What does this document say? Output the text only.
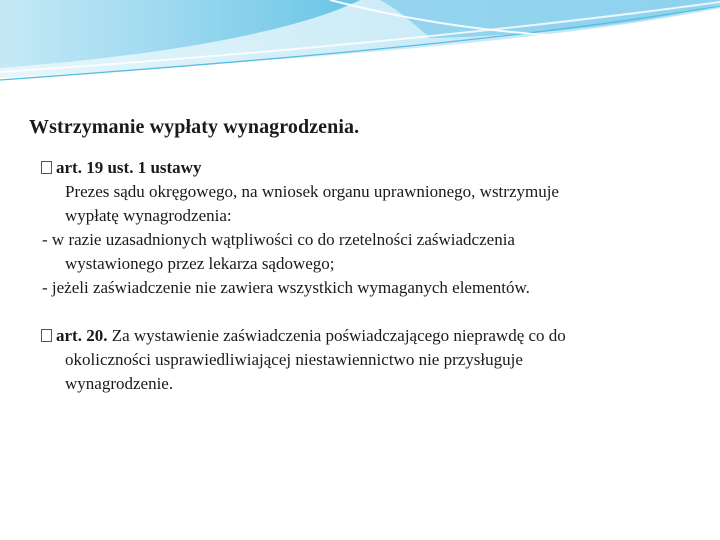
Wstrzymanie wypłaty wynagrodzenia.
art. 19 ust. 1 ustawy
Prezes sądu okręgowego, na wniosek organu uprawnionego, wstrzymuje
wypłatę wynagrodzenia:
- w razie uzasadnionych wątpliwości co do rzetelności zaświadczenia
wystawionego przez lekarza sądowego;
- jeżeli zaświadczenie nie zawiera wszystkich wymaganych elementów.
art. 20. Za wystawienie zaświadczenia poświadczającego nieprawdę co do
okoliczności usprawiedliwiającej niestawiennictwo nie przysługuje
wynagrodzenie.
